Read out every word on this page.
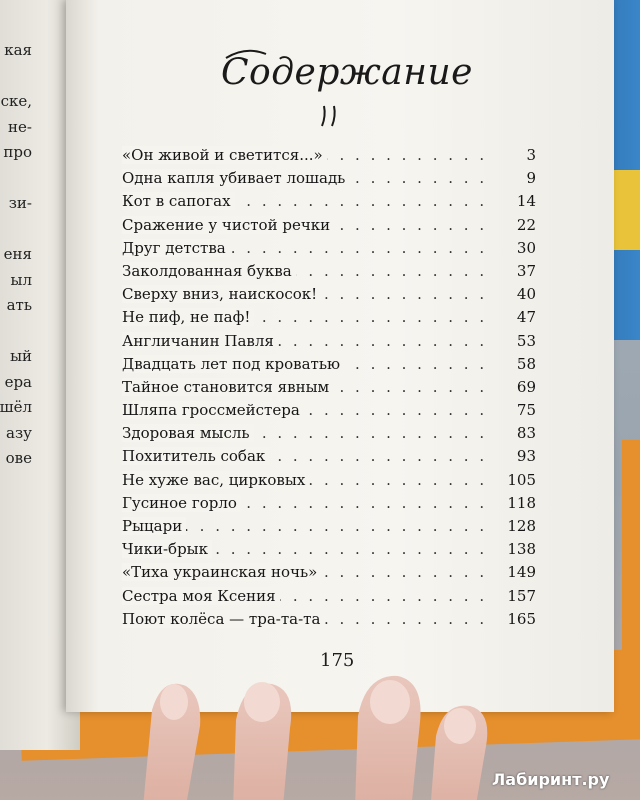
кая
ске,
не-
про
зи-
еня
ыл
ать
ый
ера
шёл
азу
ове
Содержание
. . .
«Он живой и светится...»	3
. . .
Одна капля убивает лошадь	9
. . .
Кот в сапогах	14
. . .
Сражение у чистой речки	22
. . .
Друг детства	30
. . .
Заколдованная буква	37
. . .
Сверху вниз, наискосок!	40
. . .
Не пиф, не паф!	47
. . .
Англичанин Павля	53
. . .
Двадцать лет под кроватью	58
. . .
Тайное становится явным	69
. . .
Шляпа гроссмейстера	75
. . .
Здоровая мысль	83
. . .
Похититель собак	93
. . .
Не хуже вас, цирковых	105
. . .
Гусиное горло	118
. . .
Рыцари	128
. . .
Чики-брык	138
. . .
«Тиха украинская ночь»	149
. . .
Сестра моя Ксения	157
. . .
Поют колёса — тра-та-та	165
175
Лабиринт.ру
